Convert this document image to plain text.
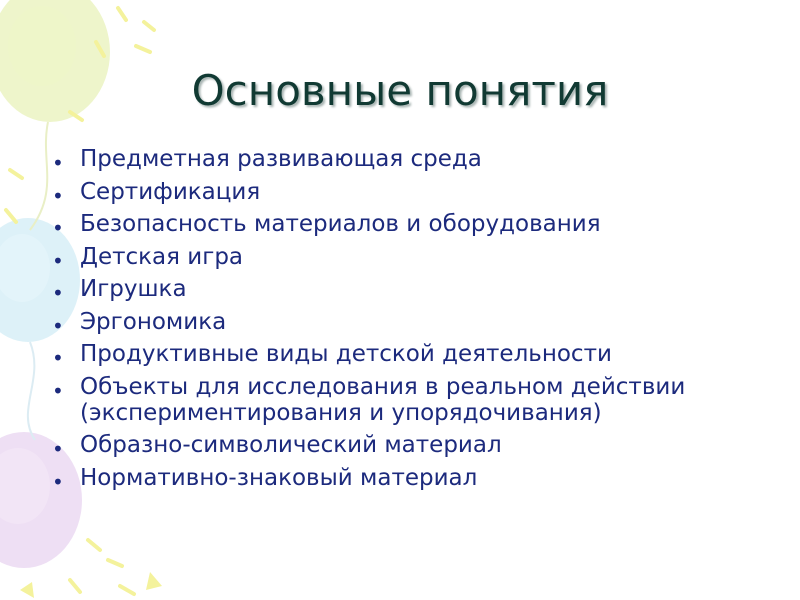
Основные понятия
• Предметная развивающая среда
• Сертификация
• Безопасность материалов и оборудования
• Детская игра
• Игрушка
• Эргономика
• Продуктивные виды детской деятельности
• Объекты для исследования в реальном действии (экспериментирования и упорядочивания)
• Образно-символический материал
• Нормативно-знаковый материал
